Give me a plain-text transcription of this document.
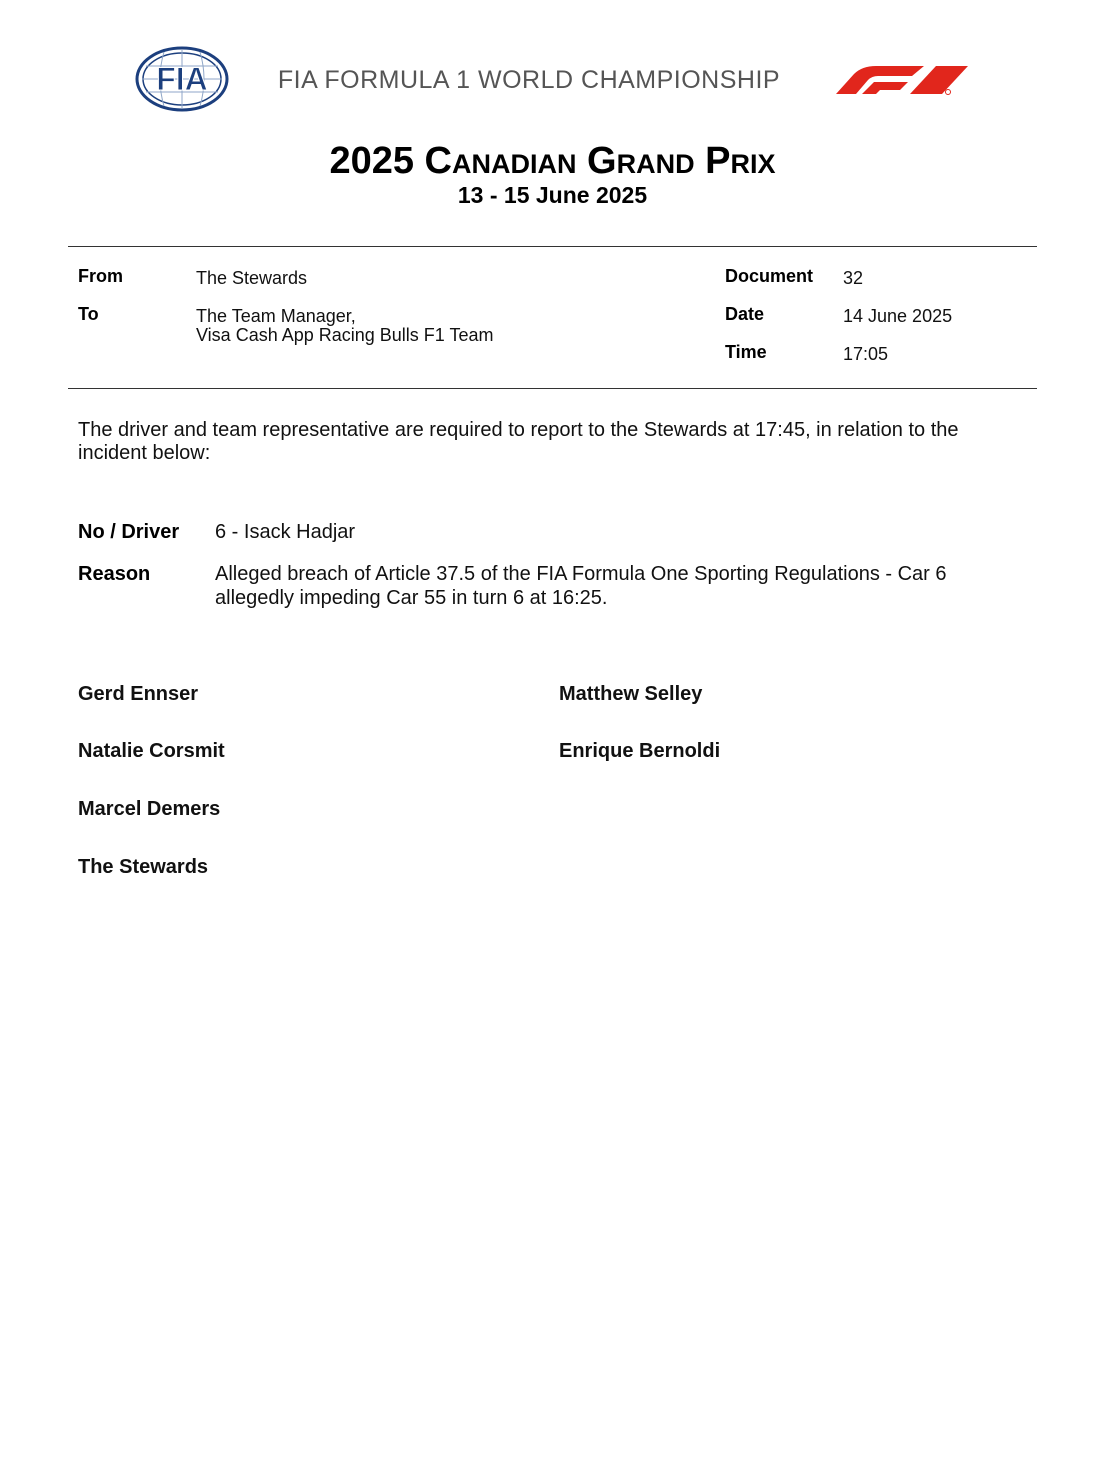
FIA	FIA FORMULA 1 WORLD CHAMPIONSHIP
2025 Canadian Grand Prix
13 - 15 June 2025
From	The Stewards
To	The Team Manager,
Visa Cash App Racing Bulls F1 Team
Document 32
Date	14 June 2025
Time	17:05
The driver and team representative are required to report to the Stewards at 17:45, in relation to the
incident below:
No / Driver 6 - Isack Hadjar
Reason	Alleged breach of Article 37.5 of the FIA Formula One Sporting Regulations - Car 6
allegedly impeding Car 55 in turn 6 at 16:25.
Gerd Ennser
Natalie Corsmit
Marcel Demers
The Stewards
Matthew Selley
Enrique Bernoldi
